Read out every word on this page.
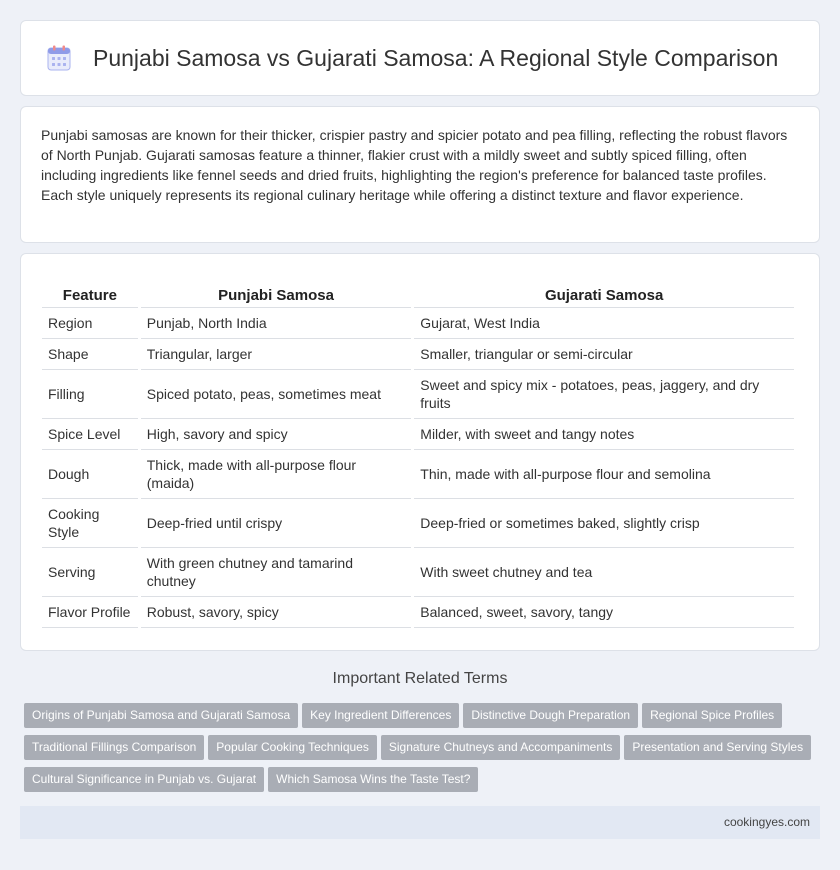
Punjabi Samosa vs Gujarati Samosa: A Regional Style Comparison

Punjabi samosas are known for their thicker, crispier pastry and spicier potato and pea filling, reflecting the robust flavors of North Punjab. Gujarati samosas feature a thinner, flakier crust with a mildly sweet and subtly spiced filling, often including ingredients like fennel seeds and dried fruits, highlighting the region's preference for balanced taste profiles. Each style uniquely represents its regional culinary heritage while offering a distinct texture and flavor experience.

Feature	Punjabi Samosa	Gujarati Samosa
Region	Punjab, North India	Gujarat, West India
Shape	Triangular, larger	Smaller, triangular or semi-circular
Filling	Spiced potato, peas, sometimes meat	Sweet and spicy mix - potatoes, peas, jaggery, and dry fruits
Spice Level	High, savory and spicy	Milder, with sweet and tangy notes
Dough	Thick, made with all-purpose flour (maida)	Thin, made with all-purpose flour and semolina
Cooking Style	Deep-fried until crispy	Deep-fried or sometimes baked, slightly crisp
Serving	With green chutney and tamarind chutney	With sweet chutney and tea
Flavor Profile	Robust, savory, spicy	Balanced, sweet, savory, tangy
Important Related Terms
Origins of Punjabi Samosa and Gujarati Samosa Key Ingredient Differences Distinctive Dough Preparation Regional Spice Profiles
Traditional Fillings Comparison Popular Cooking Techniques Signature Chutneys and Accompaniments Presentation and Serving Styles
Cultural Significance in Punjab vs. Gujarat Which Samosa Wins the Taste Test?
cookingyes.com
